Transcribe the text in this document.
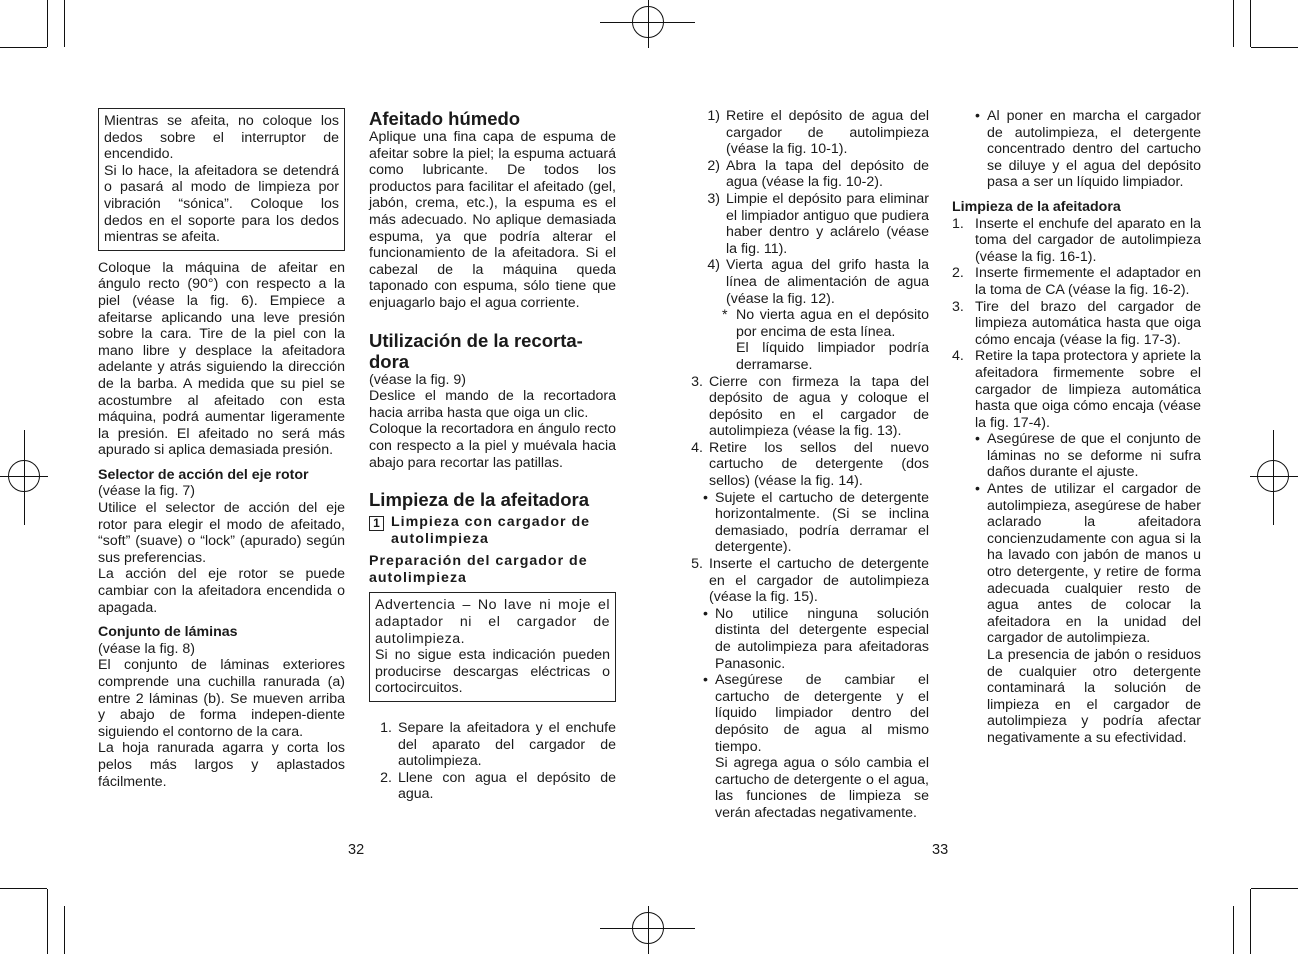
Mientras se afeita, no coloque los dedos sobre el interruptor de encendido.

Si lo hace, la afeitadora se detendrá o pasará al modo de limpieza por vibración “sónica”. Coloque los dedos en el soporte para los dedos mientras se afeita.

Coloque la máquina de afeitar en ángulo recto (90°) con respecto a la piel (véase la fig. 6). Empiece a afeitarse aplicando una leve presión sobre la cara. Tire de la piel con la mano libre y desplace la afeitadora adelante y atrás siguiendo la dirección de la barba. A medida que su piel se acostumbre al afeitado con esta máquina, podrá aumentar ligeramente la presión. El afeitado no será más apurado si aplica demasiada presión.

Selector de acción del eje rotor

(véase la fig. 7)

Utilice el selector de acción del eje rotor para elegir el modo de afeitado, “soft” (suave) o “lock” (apurado) según sus preferencias.

La acción del eje rotor se puede cambiar con la afeitadora encendida o apagada.

Conjunto de láminas

(véase la fig. 8)

El conjunto de láminas exteriores comprende una cuchilla ranurada (a) entre 2 láminas (b). Se mueven arriba y abajo de forma indepen-diente siguiendo el contorno de la cara.

La hoja ranurada agarra y corta los pelos más largos y aplastados fácilmente.

Afeitado húmedo

Aplique una fina capa de espuma de afeitar sobre la piel; la espuma actuará como lubricante. De todos los productos para facilitar el afeitado (gel, jabón, crema, etc.), la espuma es el más adecuado. No aplique demasiada espuma, ya que podría alterar el funcionamiento de la afeitadora. Si el cabezal de la máquina queda taponado con espuma, sólo tiene que enjuagarlo bajo el agua corriente.

Utilización de la recorta-dora

(véase la fig. 9)

Deslice el mando de la recortadora hacia arriba hasta que oiga un clic.

Coloque la recortadora en ángulo recto con respecto a la piel y muévala hacia abajo para recortar las patillas.

Limpieza de la afeitadora
1 Limpieza con cargador de autolimpieza
Preparación del cargador de autolimpieza

Advertencia – No lave ni moje el adaptador ni el cargador de autolimpieza.

Si no sigue esta indicación pueden producirse descargas eléctricas o cortocircuitos.

1. Separe la afeitadora y el enchufe del aparato del cargador de autolimpieza.
2. Llene con agua el depósito de agua.
1) Retire el depósito de agua del cargador de autolimpieza (véase la fig. 10-1).
2) Abra la tapa del depósito de agua (véase la fig. 10-2).
3) Limpie el depósito para eliminar el limpiador antiguo que pudiera haber dentro y aclárelo (véase la fig. 11).
4) Vierta agua del grifo hasta la línea de alimentación de agua (véase la fig. 12).
* No vierta agua en el depósito por encima de esta línea.
El líquido limpiador podría derramarse.
3. Cierre con firmeza la tapa del depósito de agua y coloque el depósito en el cargador de autolimpieza (véase la fig. 13).
4. Retire los sellos del nuevo cartucho de detergente (dos sellos) (véase la fig. 14).
• Sujete el cartucho de detergente horizontalmente. (Si se inclina demasiado, podría derramar el detergente).
5. Inserte el cartucho de detergente en el cargador de autolimpieza (véase la fig. 15).
• No utilice ninguna solución distinta del detergente especial de autolimpieza para afeitadoras Panasonic.
• Asegúrese de cambiar el cartucho de detergente y el líquido limpiador dentro del depósito de agua al mismo tiempo.
Si agrega agua o sólo cambia el cartucho de detergente o el agua, las funciones de limpieza se verán afectadas negativamente.
• Al poner en marcha el cargador de autolimpieza, el detergente concentrado dentro del cartucho se diluye y el agua del depósito pasa a ser un líquido limpiador.
Limpieza de la afeitadora
1. Inserte el enchufe del aparato en la toma del cargador de autolimpieza (véase la fig. 16-1).
2. Inserte firmemente el adaptador en la toma de CA (véase la fig. 16-2).
3. Tire del brazo del cargador de limpieza automática hasta que oiga cómo encaja (véase la fig. 17-3).
4. Retire la tapa protectora y apriete la afeitadora firmemente sobre el cargador de limpieza automática hasta que oiga cómo encaja (véase la fig. 17-4).
• Asegúrese de que el conjunto de láminas no se deforme ni sufra daños durante el ajuste.
• Antes de utilizar el cargador de autolimpieza, asegúrese de haber aclarado la afeitadora concienzudamente con agua si la ha lavado con jabón de manos u otro detergente, y retire de forma adecuada cualquier resto de agua antes de colocar la afeitadora en la unidad del cargador de autolimpieza.
La presencia de jabón o residuos de cualquier otro detergente contaminará la solución de limpieza en el cargador de autolimpieza y podría afectar negativamente a su efectividad.
32	33
